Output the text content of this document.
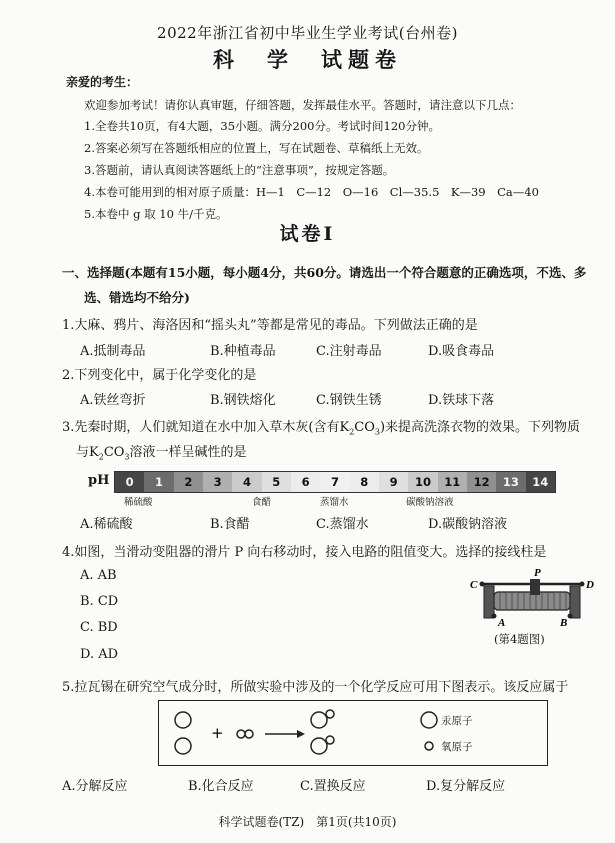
2022年浙江省初中毕业生学业考试(台州卷)
科　学　试题卷
亲爱的考生：
欢迎参加考试！请你认真审题，仔细答题，发挥最佳水平。答题时，请注意以下几点：
1.全卷共10页，有4大题，35小题。满分200分。考试时间120分钟。
2.答案必须写在答题纸相应的位置上，写在试题卷、草稿纸上无效。
3.答题前，请认真阅读答题纸上的“注意事项”，按规定答题。
4.本卷可能用到的相对原子质量：H—1　C—12　O—16　Cl—35.5　K—39　Ca—40
5.本卷中 g 取 10 牛/千克。
试卷Ⅰ
一、选择题(本题有15小题，每小题4分，共60分。请选出一个符合题意的正确选项，不选、多
选、错选均不给分)
1.大麻、鸦片、海洛因和“摇头丸”等都是常见的毒品。下列做法正确的是
A.抵制毒品	B.种植毒品	C.注射毒品	D.吸食毒品
2.下列变化中，属于化学变化的是
A.铁丝弯折	B.钢铁熔化	C.钢铁生锈	D.铁球下落
3.先秦时期，人们就知道在水中加入草木灰(含有$K_2CO_3$)来提高洗涤衣物的效果。下列物质
与$K_2CO_3$溶液一样呈碱性的是
pH	0	1	2	3	4	5	6	7	8	9	10	11	12	13	14
稀硫酸	食醋	蒸馏水	碳酸钠溶液
A.稀硫酸	B.食醋	C.蒸馏水	D.碳酸钠溶液
4.如图，当滑动变阻器的滑片 P 向右移动时，接入电路的阻值变大。选择的接线柱是
A. AB
B. CD
C. BD
D. AD
C
P
D
A	B
(第4题图)
5.拉瓦锡在研究空气成分时，所做实验中涉及的一个化学反应可用下图表示。该反应属于
+
汞原子
氧原子
A.分解反应	B.化合反应	C.置换反应	D.复分解反应
科学试题卷(TZ)　第1页(共10页)
